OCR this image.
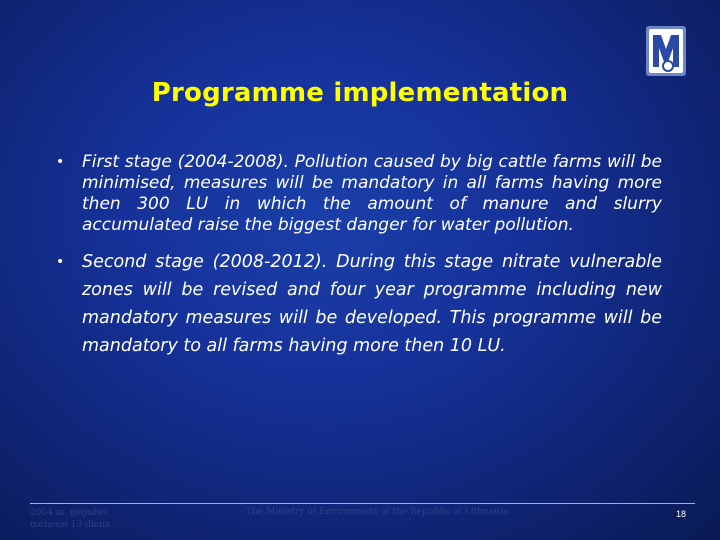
Programme implementation
• First stage (2004-2008). Pollution caused by big cattle farms will be minimised, measures will be mandatory in all farms having more then 300 LU in which the amount of manure and slurry accumulated raise the biggest danger for water pollution.
• Second stage (2008-2012). During this stage nitrate vulnerable zones will be revised and four year programme including new mandatory measures will be developed. This programme will be mandatory to all farms having more then 10 LU.
2004 m. gegužės
mėnesio 13 diena
The Ministry of Environment of the Republic of Lithuania	18
